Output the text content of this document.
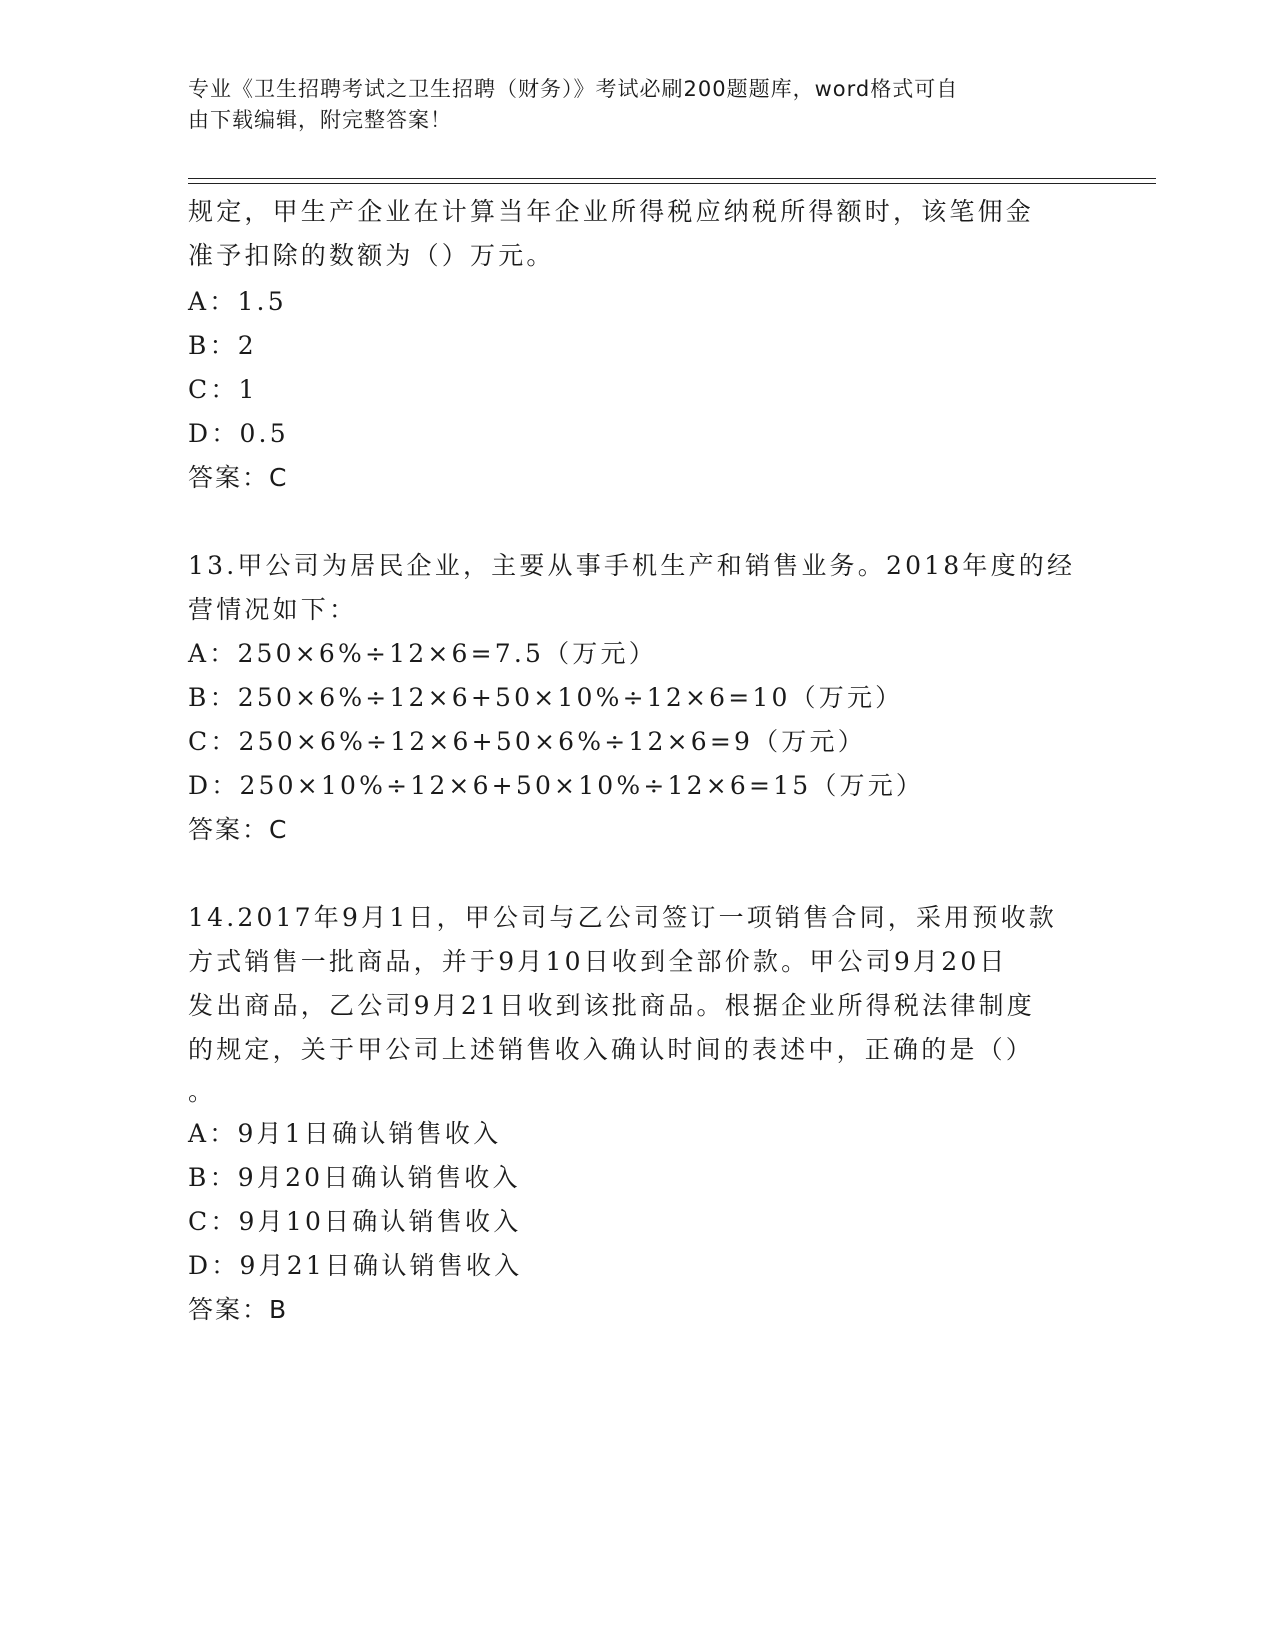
专业《卫生招聘考试之卫生招聘（财务）》考试必刷200题题库，word格式可自
由下载编辑，附完整答案！
规定，甲生产企业在计算当年企业所得税应纳税所得额时，该笔佣金
准予扣除的数额为（）万元。
A：1.5
B：2
C：1
D：0.5
答案：C
13.甲公司为居民企业，主要从事手机生产和销售业务。2018年度的经
营情况如下：
A：250×6%÷12×6=7.5（万元）
B：250×6%÷12×6+50×10%÷12×6=10（万元）
C：250×6%÷12×6+50×6%÷12×6=9（万元）
D：250×10%÷12×6+50×10%÷12×6=15（万元）
答案：C
14.2017年9月1日，甲公司与乙公司签订一项销售合同，采用预收款
方式销售一批商品，并于9月10日收到全部价款。甲公司9月20日
发出商品，乙公司9月21日收到该批商品。根据企业所得税法律制度
的规定，关于甲公司上述销售收入确认时间的表述中，正确的是（）
。
A：9月1日确认销售收入
B：9月20日确认销售收入
C：9月10日确认销售收入
D：9月21日确认销售收入
答案：B
